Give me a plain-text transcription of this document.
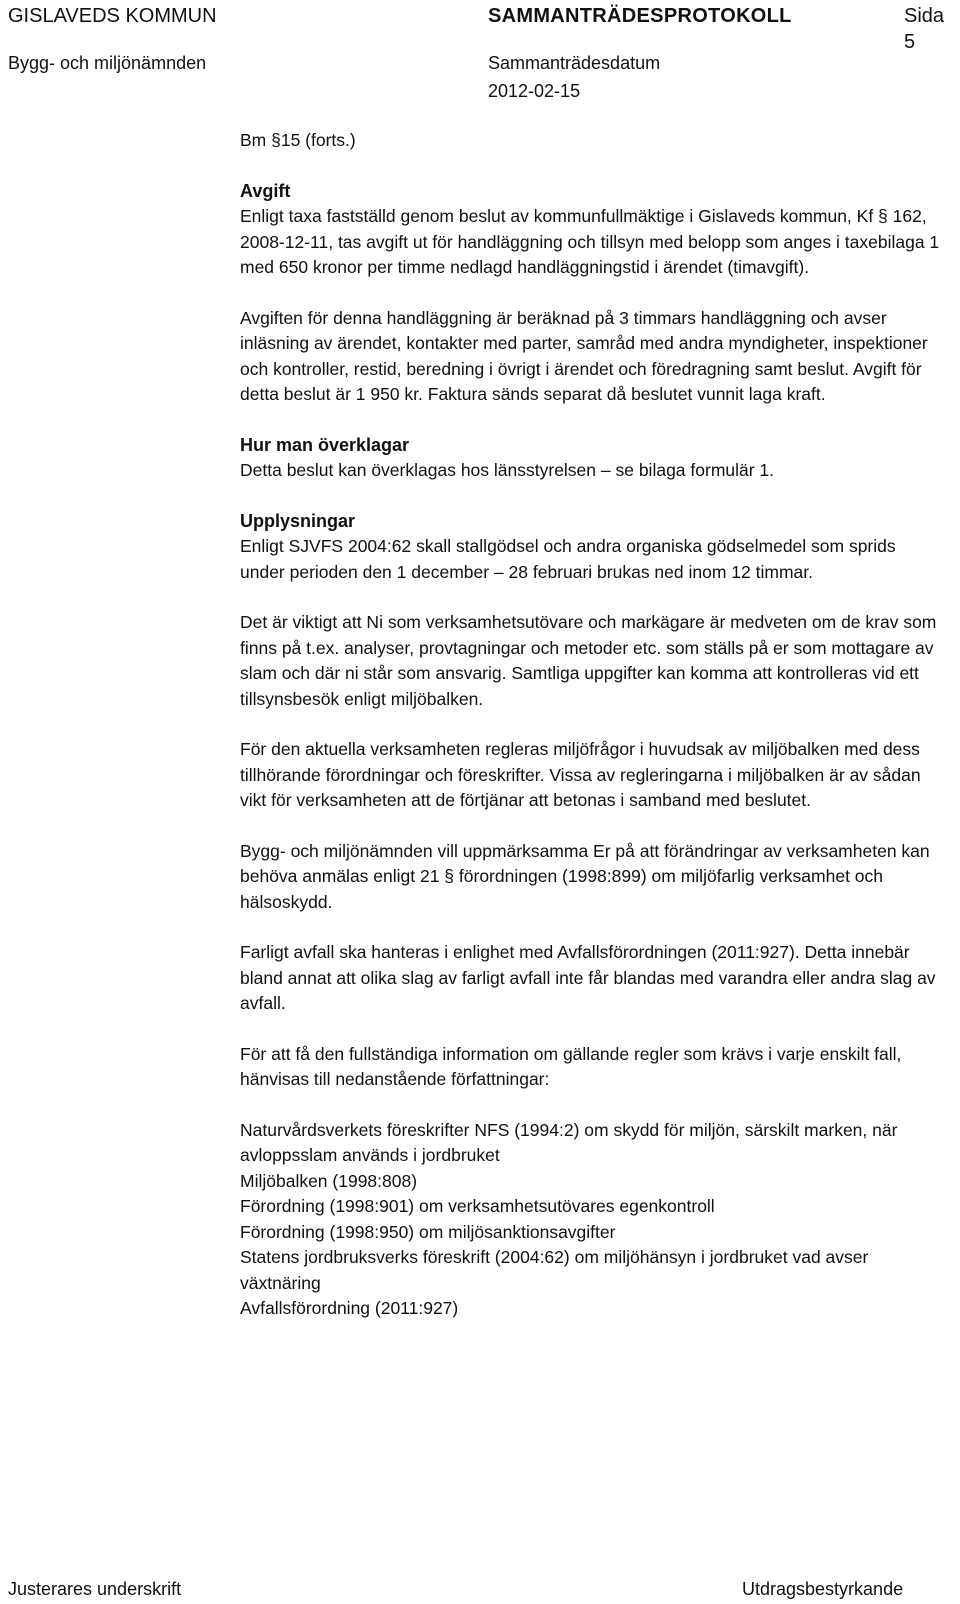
GISLAVEDS KOMMUN
Bygg- och miljönämnden
SAMMANTRÄDESPROTOKOLL
Sammanträdesdatum
2012-02-15
Sida
5

Bm §15 (forts.)

Avgift

Enligt taxa fastställd genom beslut av kommunfullmäktige i Gislaveds kommun, Kf § 162, 2008-12-11, tas avgift ut för handläggning och tillsyn med belopp som anges i taxebilaga 1 med 650 kronor per timme nedlagd handläggningstid i ärendet (timavgift).

Avgiften för denna handläggning är beräknad på 3 timmars handläggning och avser inläsning av ärendet, kontakter med parter, samråd med andra myndigheter, inspektioner och kontroller, restid, beredning i övrigt i ärendet och föredragning samt beslut. Avgift för detta beslut är 1 950 kr. Faktura sänds separat då beslutet vunnit laga kraft.

Hur man överklagar

Detta beslut kan överklagas hos länsstyrelsen – se bilaga formulär 1.

Upplysningar

Enligt SJVFS 2004:62 skall stallgödsel och andra organiska gödselmedel som sprids under perioden den 1 december – 28 februari brukas ned inom 12 timmar.

Det är viktigt att Ni som verksamhetsutövare och markägare är medveten om de krav som finns på t.ex. analyser, provtagningar och metoder etc. som ställs på er som mottagare av slam och där ni står som ansvarig. Samtliga uppgifter kan komma att kontrolleras vid ett tillsynsbesök enligt miljöbalken.

För den aktuella verksamheten regleras miljöfrågor i huvudsak av miljöbalken med dess tillhörande förordningar och föreskrifter. Vissa av regleringarna i miljöbalken är av sådan vikt för verksamheten att de förtjänar att betonas i samband med beslutet.

Bygg- och miljönämnden vill uppmärksamma Er på att förändringar av verksamheten kan behöva anmälas enligt 21 § förordningen (1998:899) om miljöfarlig verksamhet och hälsoskydd.

Farligt avfall ska hanteras i enlighet med Avfallsförordningen (2011:927). Detta innebär bland annat att olika slag av farligt avfall inte får blandas med varandra eller andra slag av avfall.

För att få den fullständiga information om gällande regler som krävs i varje enskilt fall, hänvisas till nedanstående författningar:

Naturvårdsverkets föreskrifter NFS (1994:2) om skydd för miljön, särskilt marken, när avloppsslam används i jordbruket
Miljöbalken (1998:808)
Förordning (1998:901) om verksamhetsutövares egenkontroll
Förordning (1998:950) om miljösanktionsavgifter
Statens jordbruksverks föreskrift (2004:62) om miljöhänsyn i jordbruket vad avser växtnäring
Avfallsförordning (2011:927)
Justerares underskrift	Utdragsbestyrkande
